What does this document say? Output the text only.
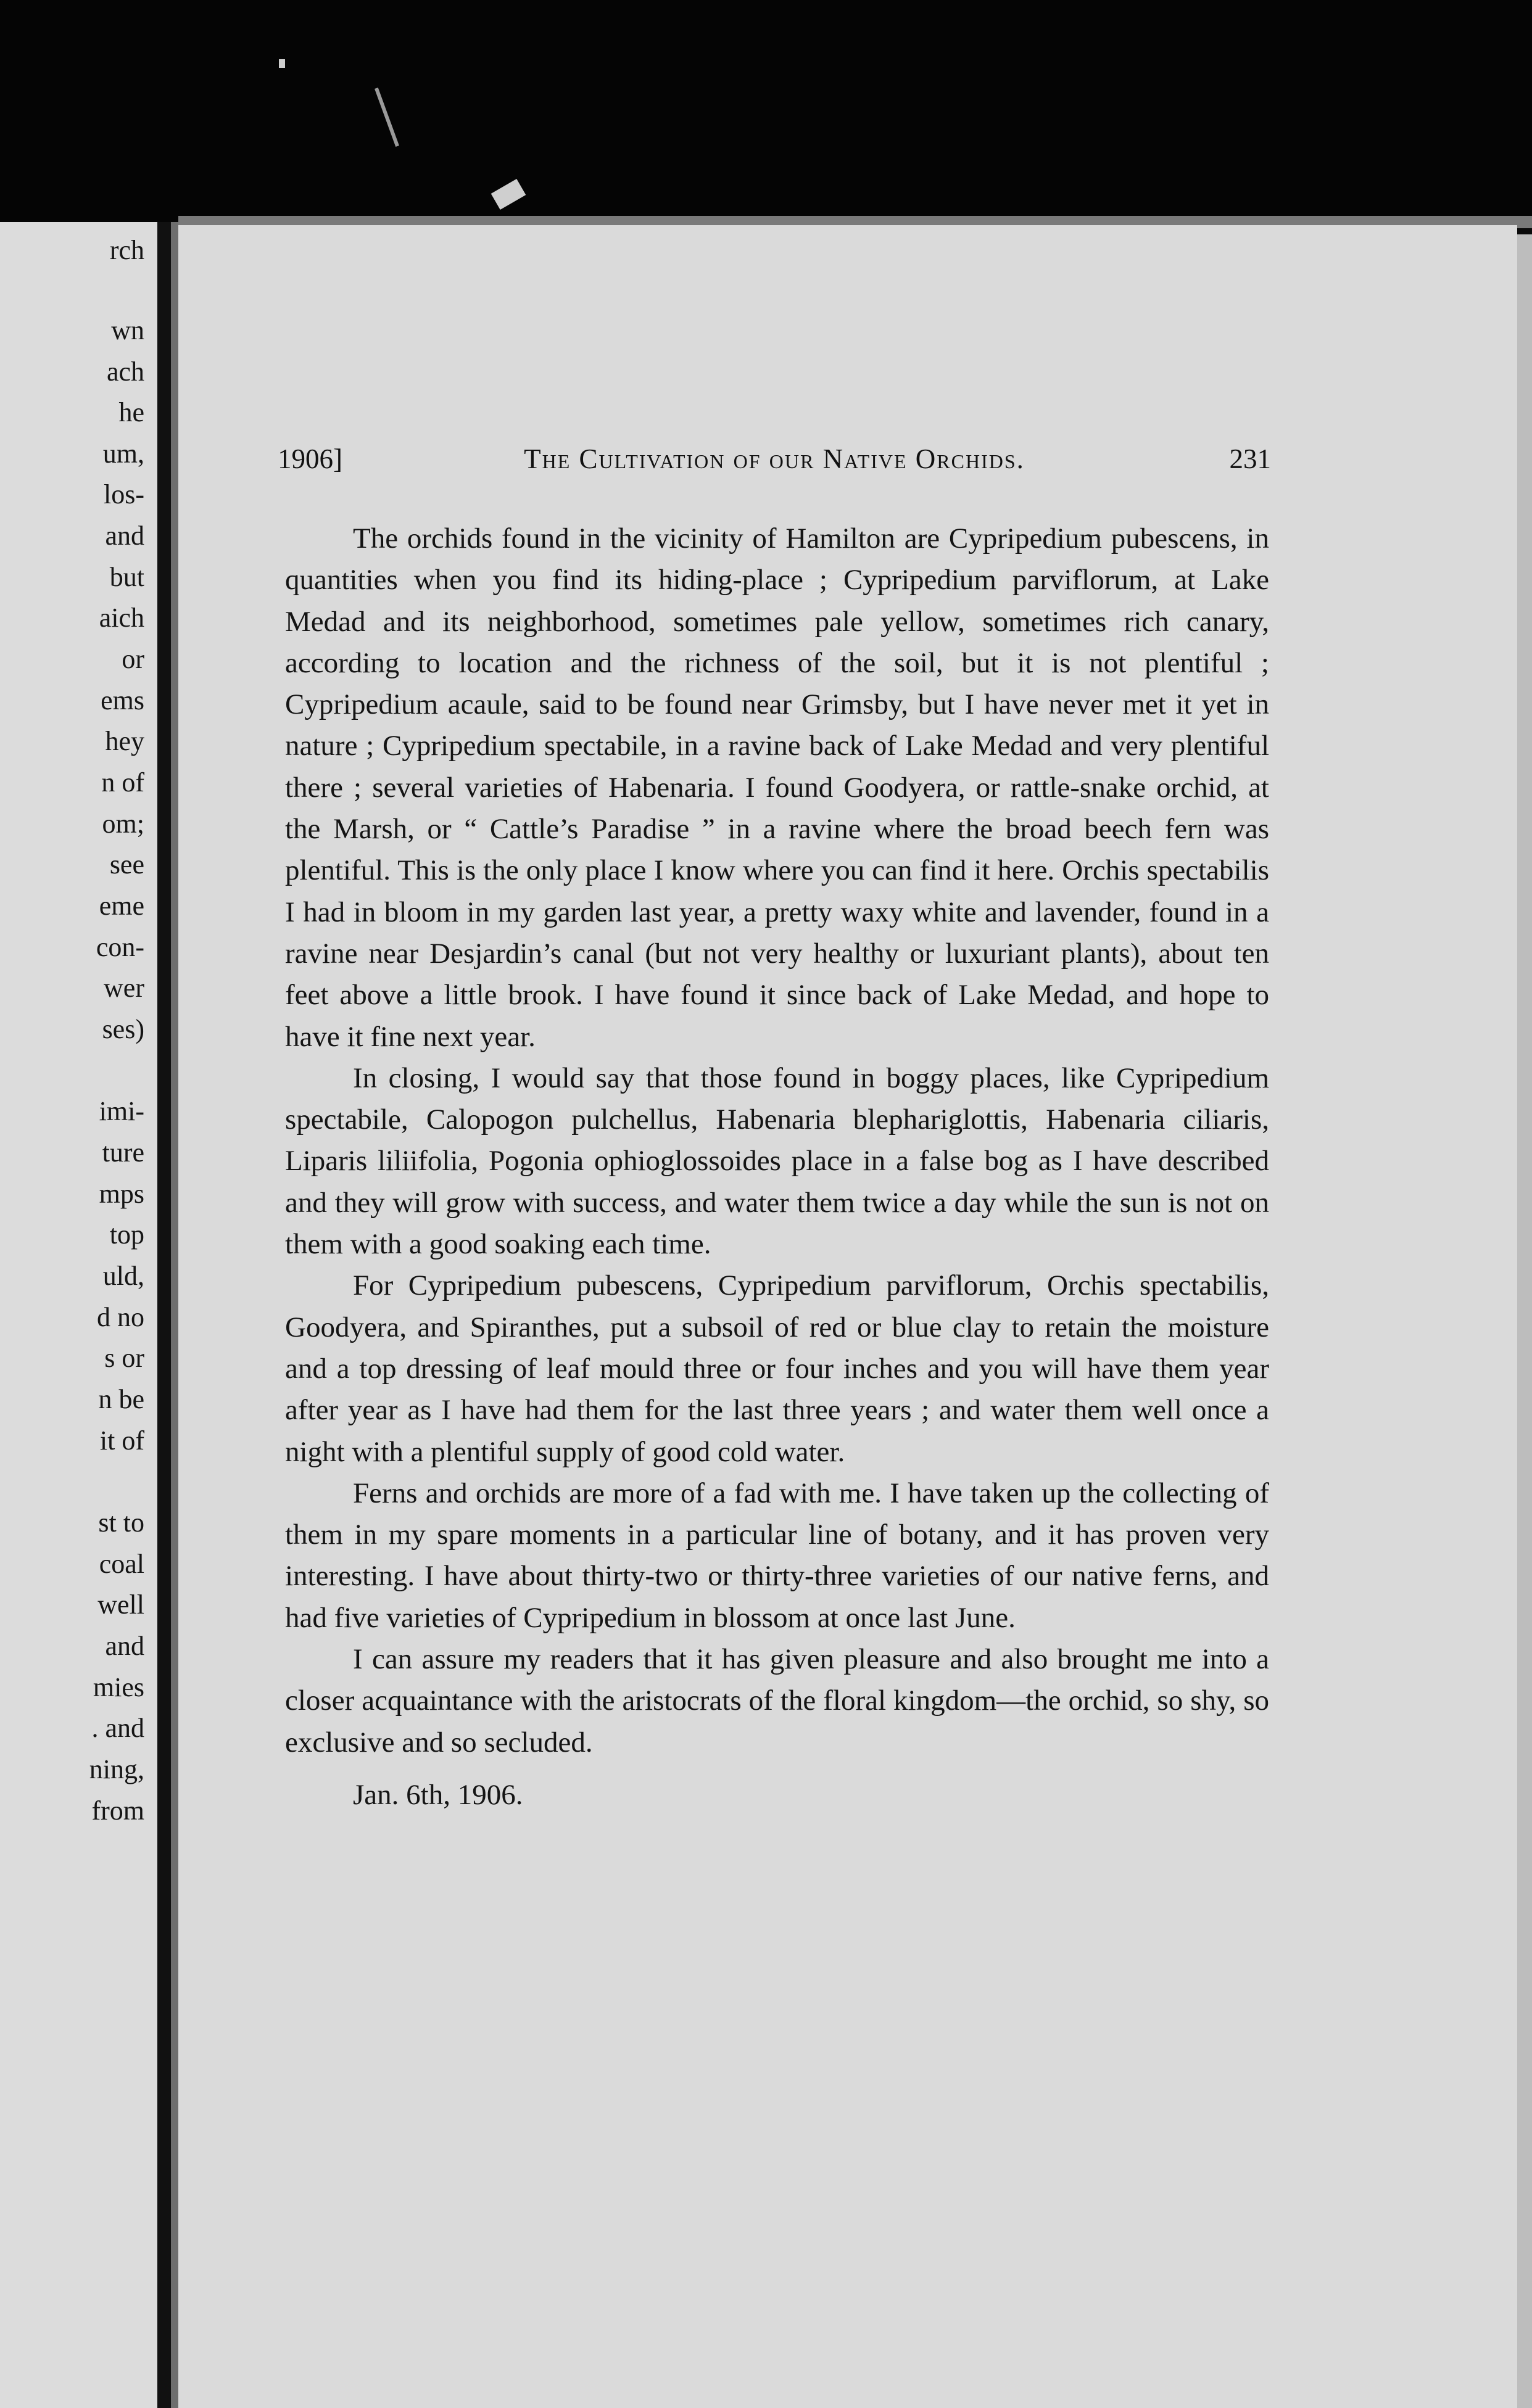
rch
wn
ach
he
um,
los-
and
but
aich
or
ems
hey
n of
om;
see
eme
con-
wer
ses)
imi-
ture
mps
top
uld,
d no
s or
n be
it of
st to
coal
well
and
mies
. and
ning,
from
1906]	The Cultivation of our Native Orchids.	231

The orchids found in the vicinity of Hamilton are Cypripedium pubescens, in quantities when you find its hiding-place ; Cypripedium parviflorum, at Lake Medad and its neighborhood, sometimes pale yellow, sometimes rich canary, according to location and the richness of the soil, but it is not plentiful ; Cypripedium acaule, said to be found near Grimsby, but I have never met it yet in nature ; Cypripedium spectabile, in a ravine back of Lake Medad and very plentiful there ; several varieties of Habenaria. I found Goodyera, or rattle-snake orchid, at the Marsh, or “ Cattle’s Paradise ” in a ravine where the broad beech fern was plentiful. This is the only place I know where you can find it here. Orchis spectabilis I had in bloom in my garden last year, a pretty waxy white and lavender, found in a ravine near Desjardin’s canal (but not very healthy or luxuriant plants), about ten feet above a little brook. I have found it since back of Lake Medad, and hope to have it fine next year.

In closing, I would say that those found in boggy places, like Cypripedium spectabile, Calopogon pulchellus, Habenaria blephariglottis, Habenaria ciliaris, Liparis liliifolia, Pogonia ophioglossoides place in a false bog as I have described and they will grow with success, and water them twice a day while the sun is not on them with a good soaking each time.

For Cypripedium pubescens, Cypripedium parviflorum, Orchis spectabilis, Goodyera, and Spiranthes, put a subsoil of red or blue clay to retain the moisture and a top dressing of leaf mould three or four inches and you will have them year after year as I have had them for the last three years ; and water them well once a night with a plentiful supply of good cold water.

Ferns and orchids are more of a fad with me. I have taken up the collecting of them in my spare moments in a particular line of botany, and it has proven very interesting. I have about thirty-two or thirty-three varieties of our native ferns, and had five varieties of Cypripedium in blossom at once last June.

I can assure my readers that it has given pleasure and also brought me into a closer acquaintance with the aristocrats of the floral kingdom—the orchid, so shy, so exclusive and so secluded.

Jan. 6th, 1906.
